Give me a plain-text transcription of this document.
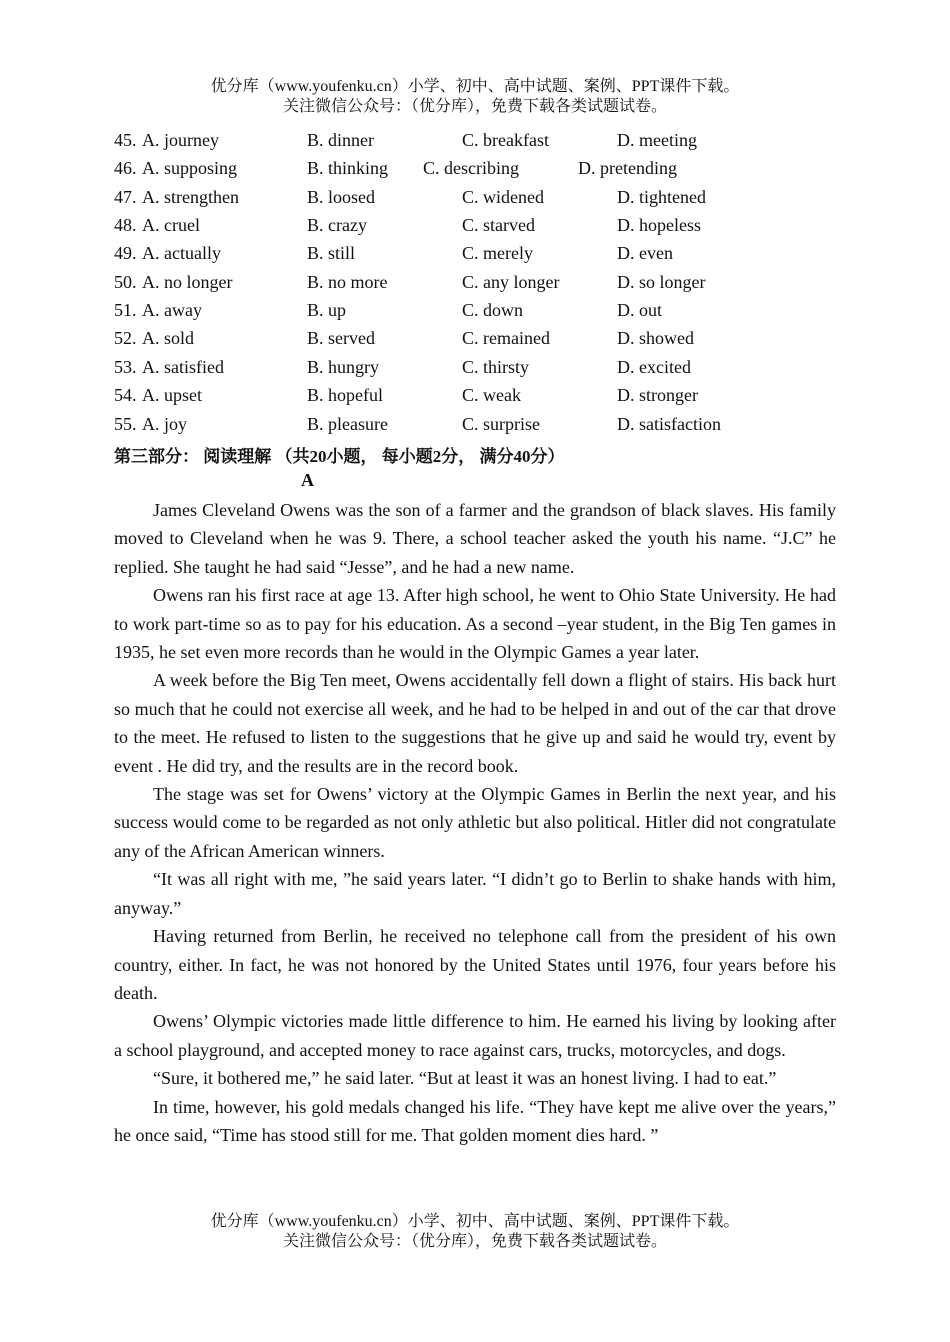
优分库（www.youfenku.cn）小学、初中、高中试题、案例、PPT课件下载。
关注微信公众号：（优分库），免费下载各类试题试卷。
45. A. journey	B. dinner	C. breakfast	D. meeting
46. A. supposing	B. thinking C. describing	D. pretending
47. A. strengthen	B. loosed	C. widened	D. tightened
48. A. cruel	B. crazy	C. starved	D. hopeless
49. A. actually	B. still	C. merely	D. even
50. A. no longer	B. no more	C. any longer	D. so longer
51. A. away	B. up	C. down	D. out
52. A. sold	B. served	C. remained	D. showed
53. A. satisfied	B. hungry	C. thirsty	D. excited
54. A. upset	B. hopeful	C. weak	D. stronger
55. A. joy	B. pleasure	C. surprise	D. satisfaction
第三部分： 阅读理解 （共20小题， 每小题2分， 满分40分）
A

James Cleveland Owens was the son of a farmer and the grandson of black slaves. His family moved to Cleveland when he was 9. There, a school teacher asked the youth his name. “J.C” he replied. She taught he had said “Jesse”, and he had a new name.

Owens ran his first race at age 13. After high school, he went to Ohio State University. He had to work part-time so as to pay for his education. As a second –year student, in the Big Ten games in 1935, he set even more records than he would in the Olympic Games a year later.

A week before the Big Ten meet, Owens accidentally fell down a flight of stairs. His back hurt so much that he could not exercise all week, and he had to be helped in and out of the car that drove to the meet. He refused to listen to the suggestions that he give up and said he would try, event by event . He did try, and the results are in the record book.

The stage was set for Owens’ victory at the Olympic Games in Berlin the next year, and his success would come to be regarded as not only athletic but also political. Hitler did not congratulate any of the African American winners.

“It was all right with me, ”he said years later. “I didn’t go to Berlin to shake hands with him, anyway.”

Having returned from Berlin, he received no telephone call from the president of his own country, either. In fact, he was not honored by the United States until 1976, four years before his death.

Owens’ Olympic victories made little difference to him. He earned his living by looking after a school playground, and accepted money to race against cars, trucks, motorcycles, and dogs.

“Sure, it bothered me,” he said later. “But at least it was an honest living. I had to eat.”

In time, however, his gold medals changed his life. “They have kept me alive over the years,” he once said, “Time has stood still for me. That golden moment dies hard. ”

优分库（www.youfenku.cn）小学、初中、高中试题、案例、PPT课件下载。
关注微信公众号：（优分库），免费下载各类试题试卷。
